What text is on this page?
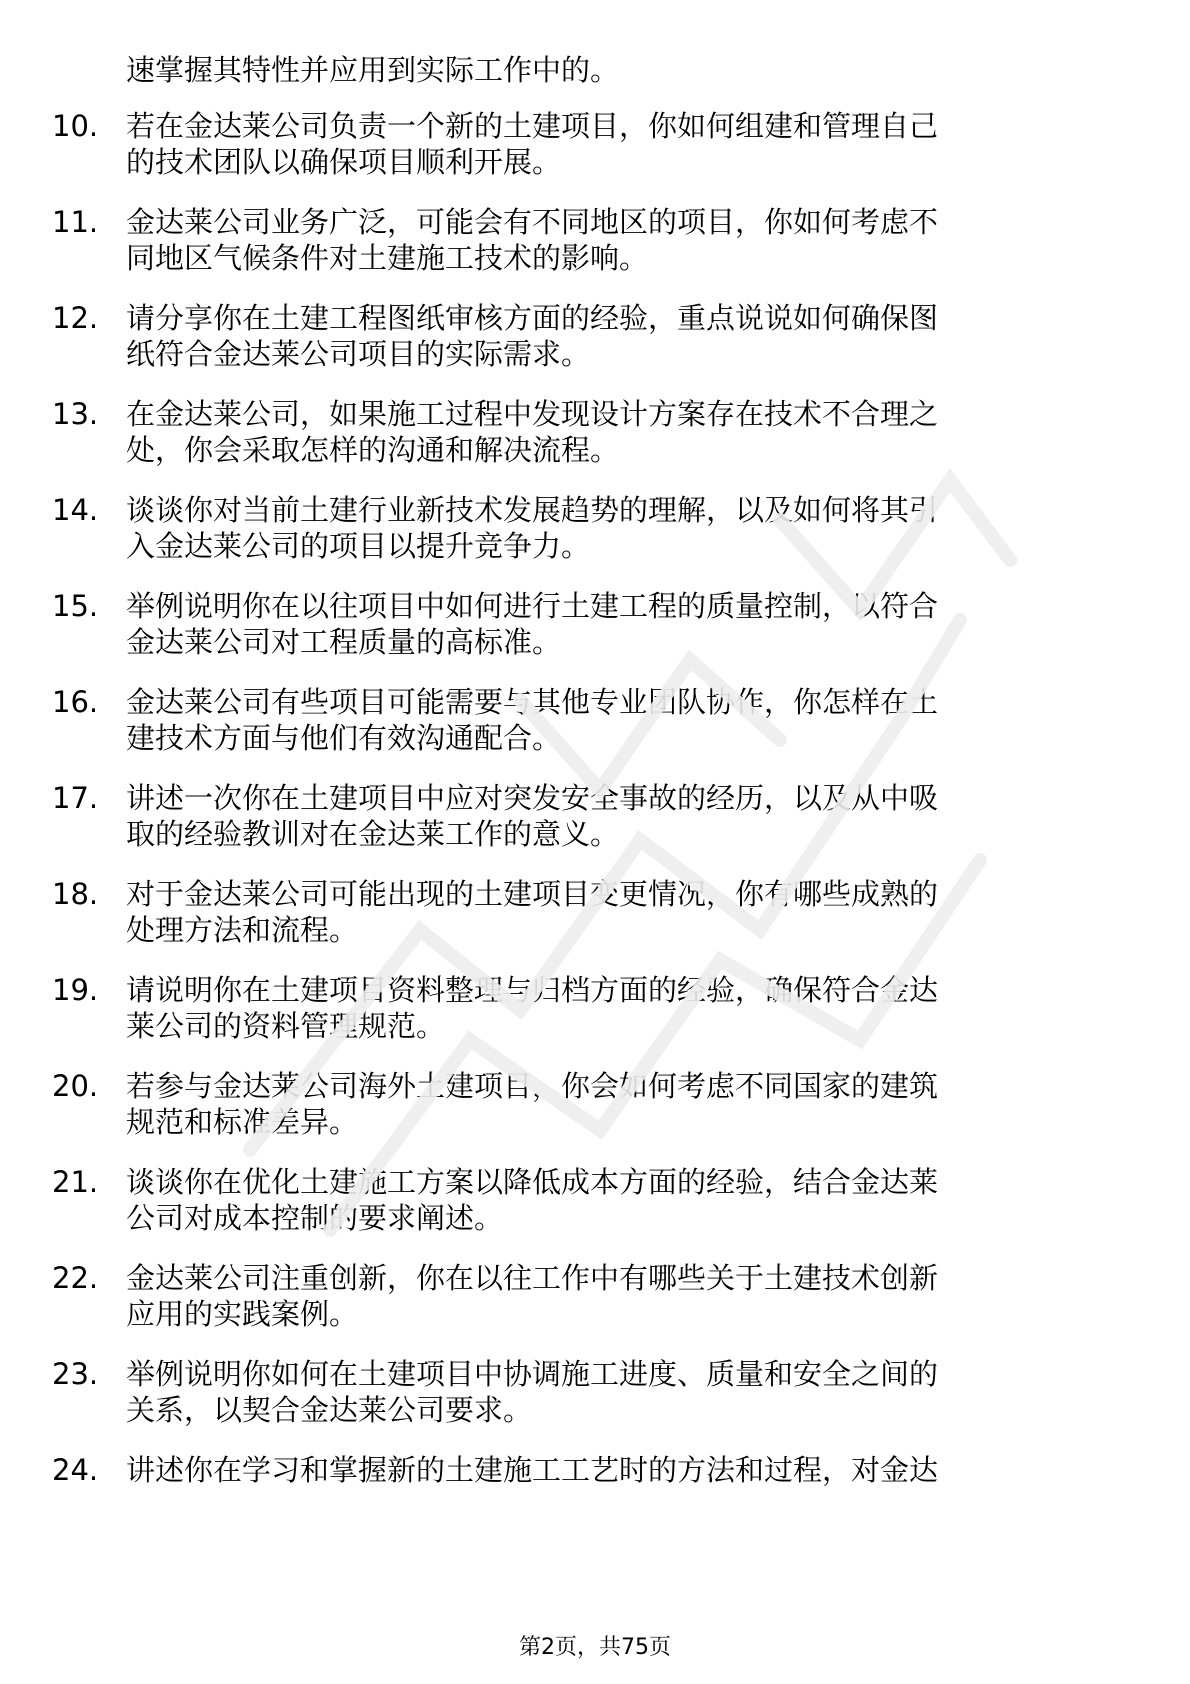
速掌握其特性并应用到实际工作中的。
10. 若在金达莱公司负责一个新的土建项目，你如何组建和管理自己
的技术团队以确保项目顺利开展。
11. 金达莱公司业务广泛，可能会有不同地区的项目，你如何考虑不
同地区气候条件对土建施工技术的影响。
12. 请分享你在土建工程图纸审核方面的经验，重点说说如何确保图
纸符合金达莱公司项目的实际需求。
13. 在金达莱公司，如果施工过程中发现设计方案存在技术不合理之
处，你会采取怎样的沟通和解决流程。
14. 谈谈你对当前土建行业新技术发展趋势的理解，以及如何将其引
入金达莱公司的项目以提升竞争力。
15. 举例说明你在以往项目中如何进行土建工程的质量控制，以符合
金达莱公司对工程质量的高标准。
16. 金达莱公司有些项目可能需要与其他专业团队协作，你怎样在土
建技术方面与他们有效沟通配合。
17. 讲述一次你在土建项目中应对突发安全事故的经历，以及从中吸
取的经验教训对在金达莱工作的意义。
18. 对于金达莱公司可能出现的土建项目变更情况，你有哪些成熟的
处理方法和流程。
19. 请说明你在土建项目资料整理与归档方面的经验，确保符合金达
莱公司的资料管理规范。
20. 若参与金达莱公司海外土建项目，你会如何考虑不同国家的建筑
规范和标准差异。
21. 谈谈你在优化土建施工方案以降低成本方面的经验，结合金达莱
公司对成本控制的要求阐述。
22. 金达莱公司注重创新，你在以往工作中有哪些关于土建技术创新
应用的实践案例。
23. 举例说明你如何在土建项目中协调施工进度、质量和安全之间的
关系，以契合金达莱公司要求。
24. 讲述你在学习和掌握新的土建施工工艺时的方法和过程，对金达
第2页，共75页
